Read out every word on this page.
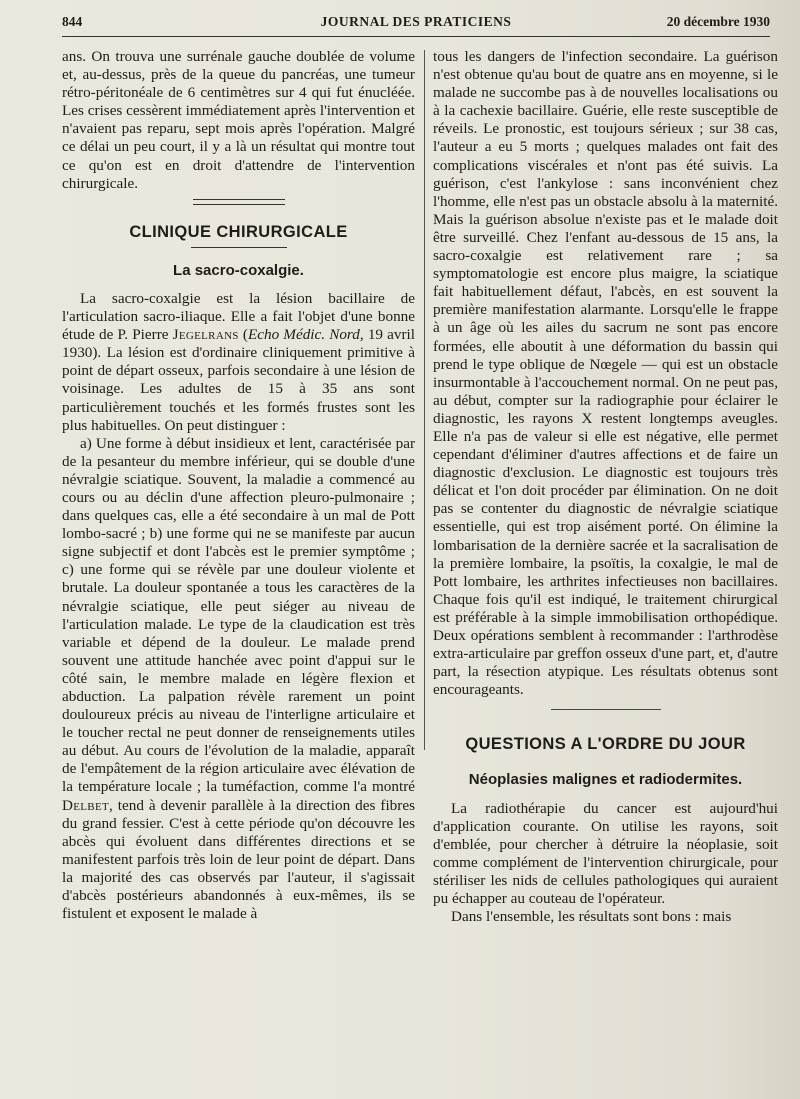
844	JOURNAL DES PRATICIENS	20 décembre 1930

ans. On trouva une surrénale gauche doublée de volume et, au-dessus, près de la queue du pancréas, une tumeur rétro-péritonéale de 6 centimètres sur 4 qui fut énucléée. Les crises cessèrent immédiatement après l'intervention et n'avaient pas reparu, sept mois après l'opération. Malgré ce délai un peu court, il y a là un résultat qui montre tout ce qu'on est en droit d'attendre de l'intervention chirurgicale.

CLINIQUE CHIRURGICALE
La sacro-coxalgie.

La sacro-coxalgie est la lésion bacillaire de l'articulation sacro-iliaque. Elle a fait l'objet d'une bonne étude de P. Pierre Jegelrans (Echo Médic. Nord, 19 avril 1930). La lésion est d'ordinaire cliniquement primitive à point de départ osseux, parfois secondaire à une lésion de voisinage. Les adultes de 15 à 35 ans sont particulièrement touchés et les formés frustes sont les plus habituelles. On peut distinguer :

a) Une forme à début insidieux et lent, caractérisée par de la pesanteur du membre inférieur, qui se double d'une névralgie sciatique. Souvent, la maladie a commencé au cours ou au déclin d'une affection pleuro-pulmonaire ; dans quelques cas, elle a été secondaire à un mal de Pott lombo-sacré ; b) une forme qui ne se manifeste par aucun signe subjectif et dont l'abcès est le premier symptôme ; c) une forme qui se révèle par une douleur violente et brutale. La douleur spontanée a tous les caractères de la névralgie sciatique, elle peut siéger au niveau de l'articulation malade. Le type de la claudication est très variable et dépend de la douleur. Le malade prend souvent une attitude hanchée avec point d'appui sur le côté sain, le membre malade en légère flexion et abduction. La palpation révèle rarement un point douloureux précis au niveau de l'interligne articulaire et le toucher rectal ne peut donner de renseignements utiles au début. Au cours de l'évolution de la maladie, apparaît de l'empâtement de la région articulaire avec élévation de la température locale ; la tuméfaction, comme l'a montré Delbet, tend à devenir parallèle à la direction des fibres du grand fessier. C'est à cette période qu'on découvre les abcès qui évoluent dans différentes directions et se manifestent parfois très loin de leur point de départ. Dans la majorité des cas observés par l'auteur, il s'agissait d'abcès postérieurs abandonnés à eux-mêmes, ils se fistulent et exposent le malade à

tous les dangers de l'infection secondaire. La guérison n'est obtenue qu'au bout de quatre ans en moyenne, si le malade ne succombe pas à de nouvelles localisations ou à la cachexie bacillaire. Guérie, elle reste susceptible de réveils. Le pronostic, est toujours sérieux ; sur 38 cas, l'auteur a eu 5 morts ; quelques malades ont fait des complications viscérales et n'ont pas été suivis. La guérison, c'est l'ankylose : sans inconvénient chez l'homme, elle n'est pas un obstacle absolu à la maternité. Mais la guérison absolue n'existe pas et le malade doit être surveillé. Chez l'enfant au-dessous de 15 ans, la sacro-coxalgie est relativement rare ; sa symptomatologie est encore plus maigre, la sciatique fait habituellement défaut, l'abcès, en est souvent la première manifestation alarmante. Lorsqu'elle le frappe à un âge où les ailes du sacrum ne sont pas encore formées, elle aboutit à une déformation du bassin qui prend le type oblique de Nœgele — qui est un obstacle insurmontable à l'accouchement normal. On ne peut pas, au début, compter sur la radiographie pour éclairer le diagnostic, les rayons X restent longtemps aveugles. Elle n'a pas de valeur si elle est négative, elle permet cependant d'éliminer d'autres affections et de faire un diagnostic d'exclusion. Le diagnostic est toujours très délicat et l'on doit procéder par élimination. On ne doit pas se contenter du diagnostic de névralgie sciatique essentielle, qui est trop aisément porté. On élimine la lombarisation de la dernière sacrée et la sacralisation de la première lombaire, la psoïtis, la coxalgie, le mal de Pott lombaire, les arthrites infectieuses non bacillaires. Chaque fois qu'il est indiqué, le traitement chirurgical est préférable à la simple immobilisation orthopédique. Deux opérations semblent à recommander : l'arthrodèse extra-articulaire par greffon osseux d'une part, et, d'autre part, la résection atypique. Les résultats obtenus sont encourageants.

QUESTIONS A L'ORDRE DU JOUR
Néoplasies malignes et radiodermites.

La radiothérapie du cancer est aujourd'hui d'application courante. On utilise les rayons, soit d'emblée, pour chercher à détruire la néoplasie, soit comme complément de l'intervention chirurgicale, pour stériliser les nids de cellules pathologiques qui auraient pu échapper au couteau de l'opérateur.

Dans l'ensemble, les résultats sont bons : mais
